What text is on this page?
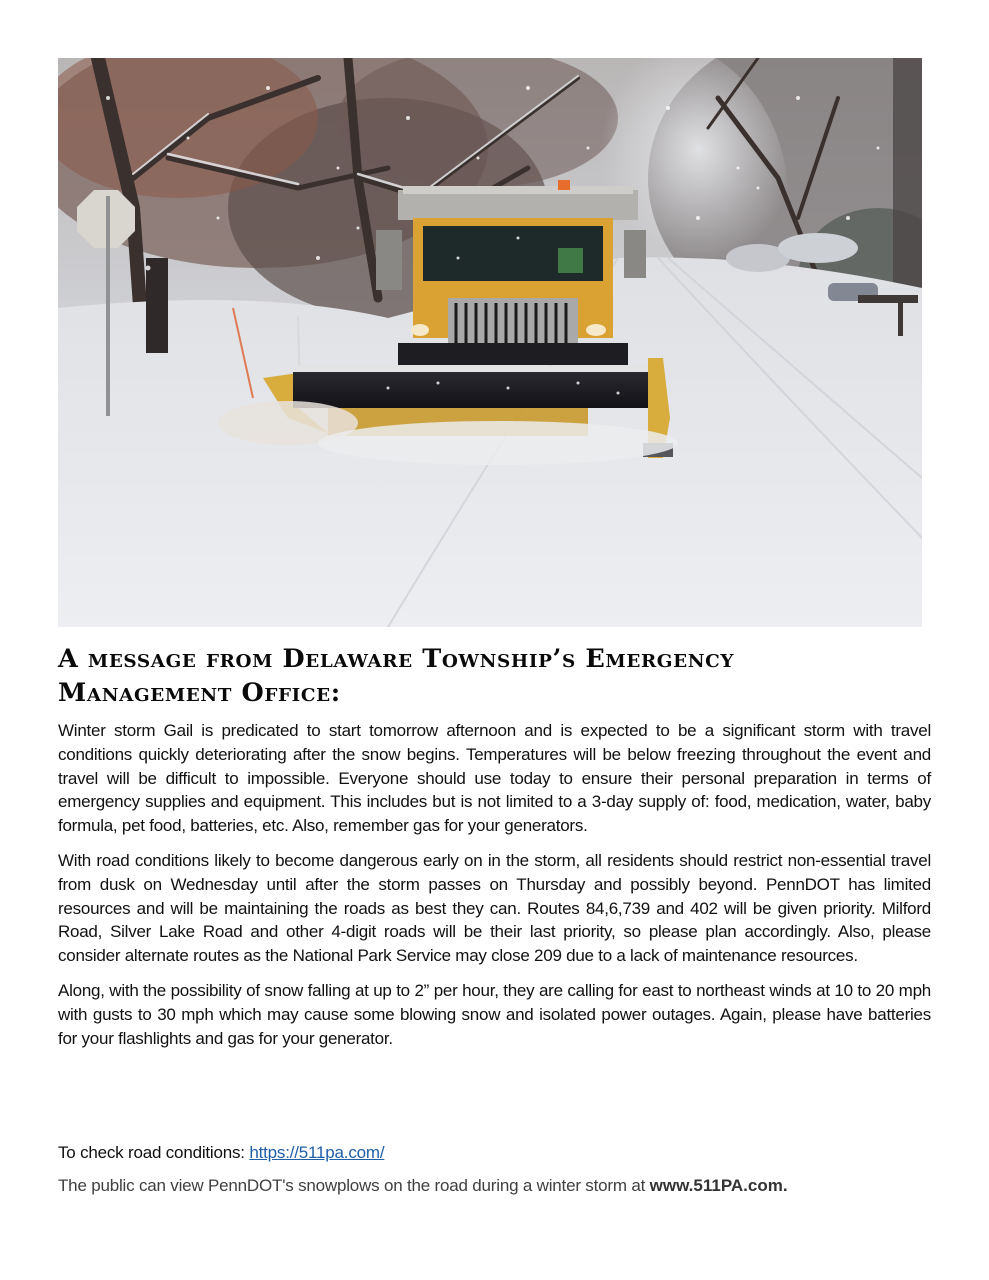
A message from Delaware Township’s Emergency
Management Office:

Winter storm Gail is predicated to start tomorrow afternoon and is expected to be a significant storm with travel conditions quickly deteriorating after the snow begins. Temperatures will be below freezing throughout the event and travel will be difficult to impossible. Everyone should use today to ensure their personal preparation in terms of emergency supplies and equipment. This includes but is not limited to a 3-day supply of: food, medication, water, baby formula, pet food, batteries, etc. Also, remember gas for your generators.

With road conditions likely to become dangerous early on in the storm, all residents should restrict non-essential travel from dusk on Wednesday until after the storm passes on Thursday and possibly beyond. PennDOT has limited resources and will be maintaining the roads as best they can. Routes 84,6,739 and 402 will be given priority. Milford Road, Silver Lake Road and other 4-digit roads will be their last priority, so please plan accordingly. Also, please consider alternate routes as the National Park Service may close 209 due to a lack of maintenance resources.

Along, with the possibility of snow falling at up to 2” per hour, they are calling for east to northeast winds at 10 to 20 mph with gusts to 30 mph which may cause some blowing snow and isolated power outages. Again, please have batteries for your flashlights and gas for your generator.

To check road conditions: https://511pa.com/

The public can view PennDOT's snowplows on the road during a winter storm at www.511PA.com.
